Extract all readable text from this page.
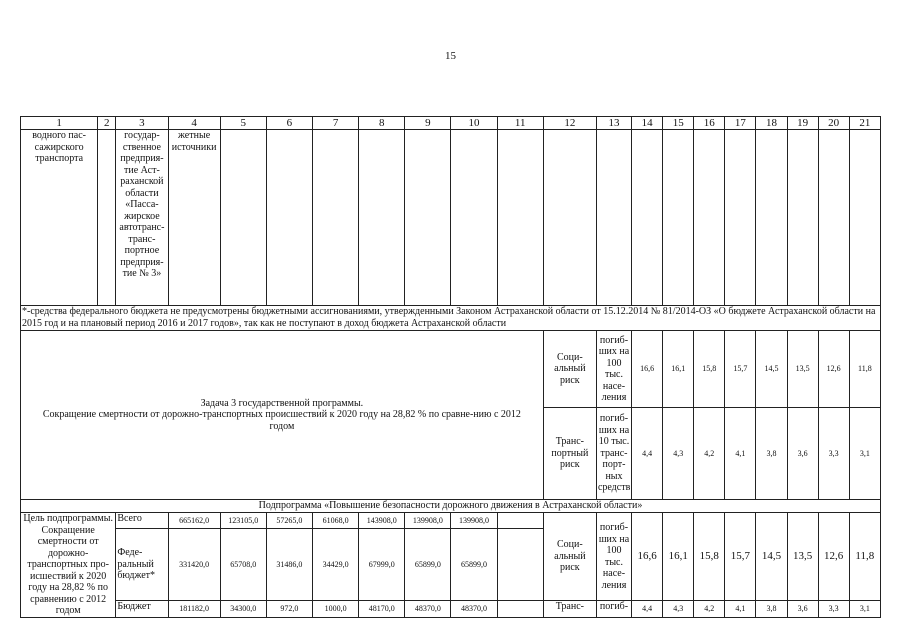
15
1	2	3	4	5	6	7	8	9	10	11	12	13	14	15	16	17	18	19	20	21
водного пас-сажирского транспорта		государ-ственное предприя-тие Аст-раханской области «Пасса-жирское автотранс-транс-портное предприя-тие № 3»	жетные источники																	
*-средства федерального бюджета не предусмотрены бюджетными ассигнованиями, утвержденными Законом Астраханской области от 15.12.2014 № 81/2014-ОЗ «О бюджете Астраханской области на 2015 год и на плановый период 2016 и 2017 годов», так как не поступают в доход бюджета Астраханской области																				

Задача 3 государственной программы.
Сокращение смертности от дорожно-транспортных происшествий к 2020 году на 28,82 % по сравне-нию с 2012 годом											Соци-альный риск	погиб-ших на 100 тыс. насе-ления	16,6	16,1	15,8	15,7	14,5	13,5	12,6	11,8
											Транс-портный риск	погиб-ших на 10 тыс. транс-порт-ных средств	4,4	4,3	4,2	4,1	3,8	3,6	3,3	3,1
Подпрограмма «Повышение безопасности дорожного движения в Астраханской области»																				
Цель подпрограммы. Сокращение смертности от дорожно-транспортных про-исшествий к 2020 году на 28,82 % по сравнению с 2012 годом		Всего	665162,0	123105,0	57265,0	61068,0	143908,0	139908,0	139908,0		Соци-альный риск	погиб-ших на 100 тыс. насе-ления	16,6	16,1	15,8	15,7	14,5	13,5	12,6	11,8
		Феде-ральный бюджет*	331420,0	65708,0	31486,0	34429,0	67999,0	65899,0	65899,0											
		Бюджет	181182,0	34300,0	972,0	1000,0	48170,0	48370,0	48370,0		Транс-	погиб-	4,4	4,3	4,2	4,1	3,8	3,6	3,3	3,1
